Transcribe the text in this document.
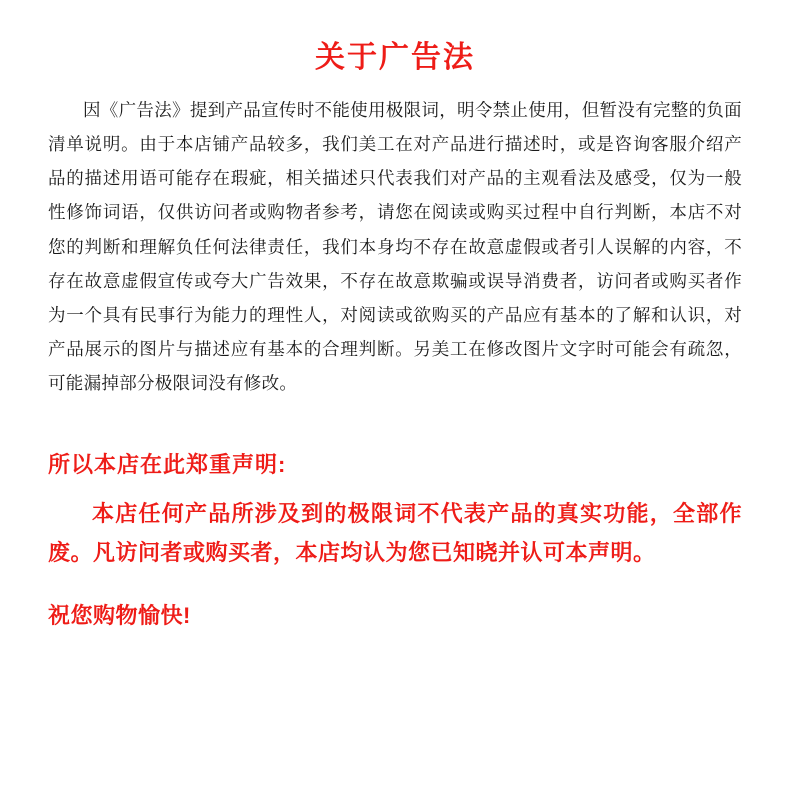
关于广告法

因《广告法》提到产品宣传时不能使用极限词，明令禁止使用，但暂没有完整的负面清单说明。由于本店铺产品较多，我们美工在对产品进行描述时，或是咨询客服介绍产品的描述用语可能存在瑕疵，相关描述只代表我们对产品的主观看法及感受，仅为一般性修饰词语，仅供访问者或购物者参考，请您在阅读或购买过程中自行判断，本店不对您的判断和理解负任何法律责任，我们本身均不存在故意虚假或者引人误解的内容，不存在故意虚假宣传或夸大广告效果，不存在故意欺骗或误导消费者，访问者或购买者作为一个具有民事行为能力的理性人，对阅读或欲购买的产品应有基本的了解和认识，对产品展示的图片与描述应有基本的合理判断。另美工在修改图片文字时可能会有疏忽，可能漏掉部分极限词没有修改。

所以本店在此郑重声明:

本店任何产品所涉及到的极限词不代表产品的真实功能，全部作废。凡访问者或购买者，本店均认为您已知晓并认可本声明。

祝您购物愉快!
